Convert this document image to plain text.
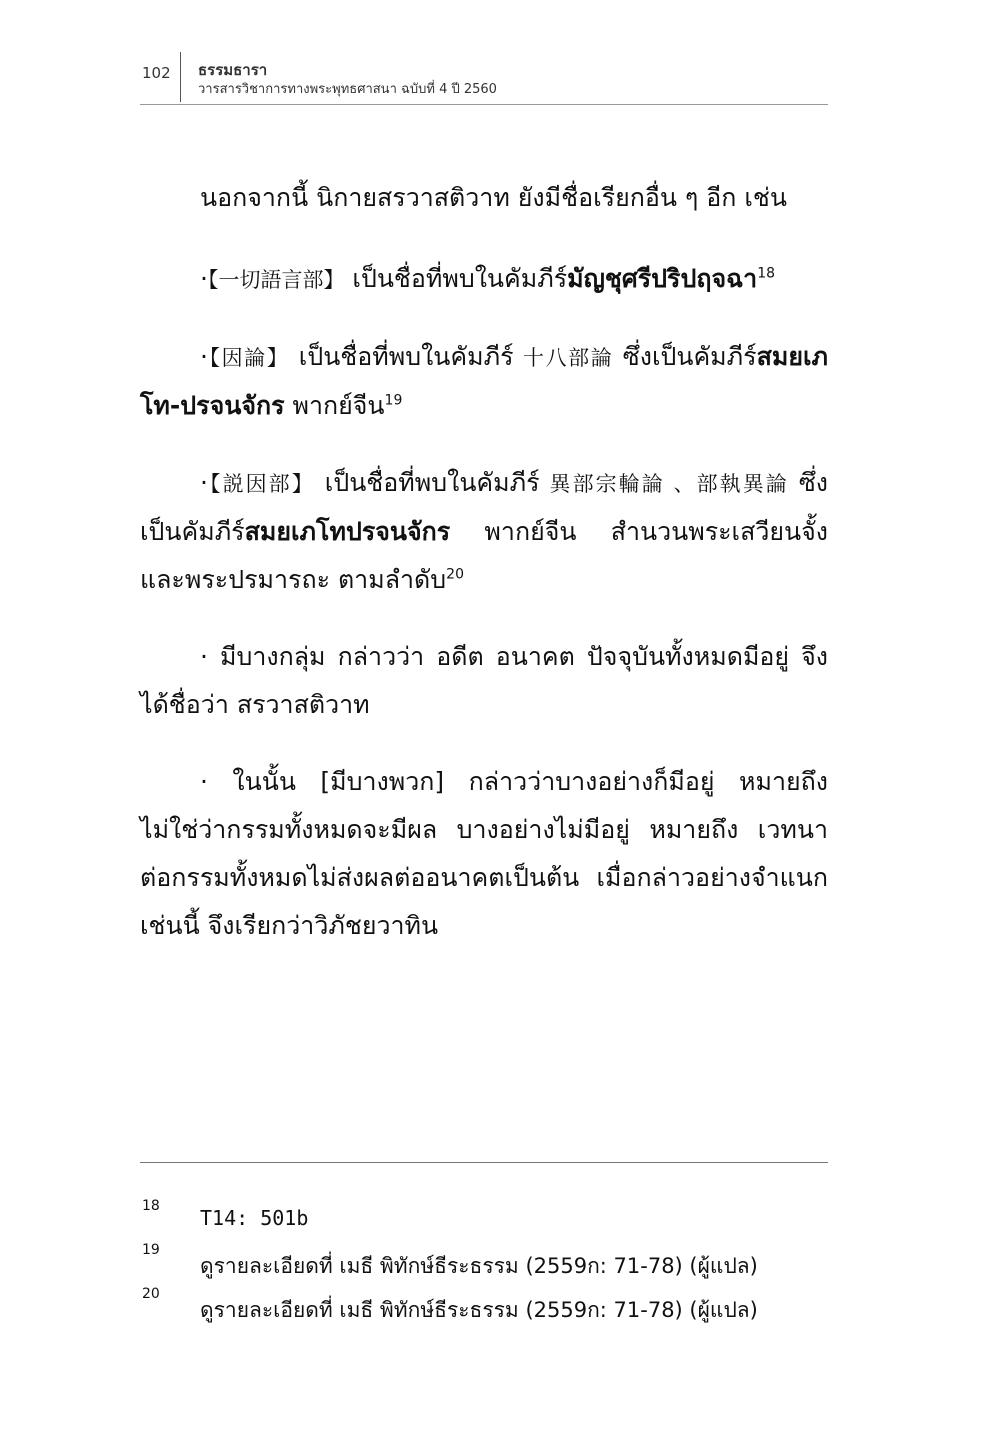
102 ธรรมธารา
วารสารวิชาการทางพระพุทธศาสนา ฉบับที่ 4 ปี 2560

นอกจากนี้ นิกายสรวาสติวาท ยังมีชื่อเรียกอื่น ๆ อีก เช่น

·【一切語言部】 เป็นชื่อที่พบในคัมภีร์มัญชุศรีปริปฤจฉา$^{18}$

·【因論】 เป็นชื่อที่พบในคัมภีร์ 十八部論 ซึ่งเป็นคัมภีร์สมยเภโท-ปรจนจักร พากย์จีน$^{19}$

·【説因部】 เป็นชื่อที่พบในคัมภีร์ 異部宗輪論 、部執異論 ซึ่งเป็นคัมภีร์สมยเภโทปรจนจักร พากย์จีน สำนวนพระเสวียนจั้ง และพระปรมารถะ ตามลำดับ$^{20}$

· มีบางกลุ่ม กล่าวว่า อดีต อนาคต ปัจจุบันทั้งหมดมีอยู่ จึงได้ชื่อว่า สรวาสติวาท

· ในนั้น [มีบางพวก] กล่าวว่าบางอย่างก็มีอยู่ หมายถึง ไม่ใช่ว่ากรรมทั้งหมดจะมีผล บางอย่างไม่มีอยู่ หมายถึง เวทนาต่อกรรมทั้งหมดไม่ส่งผลต่ออนาคตเป็นต้น เมื่อกล่าวอย่างจำแนกเช่นนี้ จึงเรียกว่าวิภัชยวาทิน

18 T14: 501b
19
ดูรายละเอียดที่ เมธี พิทักษ์ธีระธรรม (2559ก: 71-78) (ผู้แปล)
20
ดูรายละเอียดที่ เมธี พิทักษ์ธีระธรรม (2559ก: 71-78) (ผู้แปล)
